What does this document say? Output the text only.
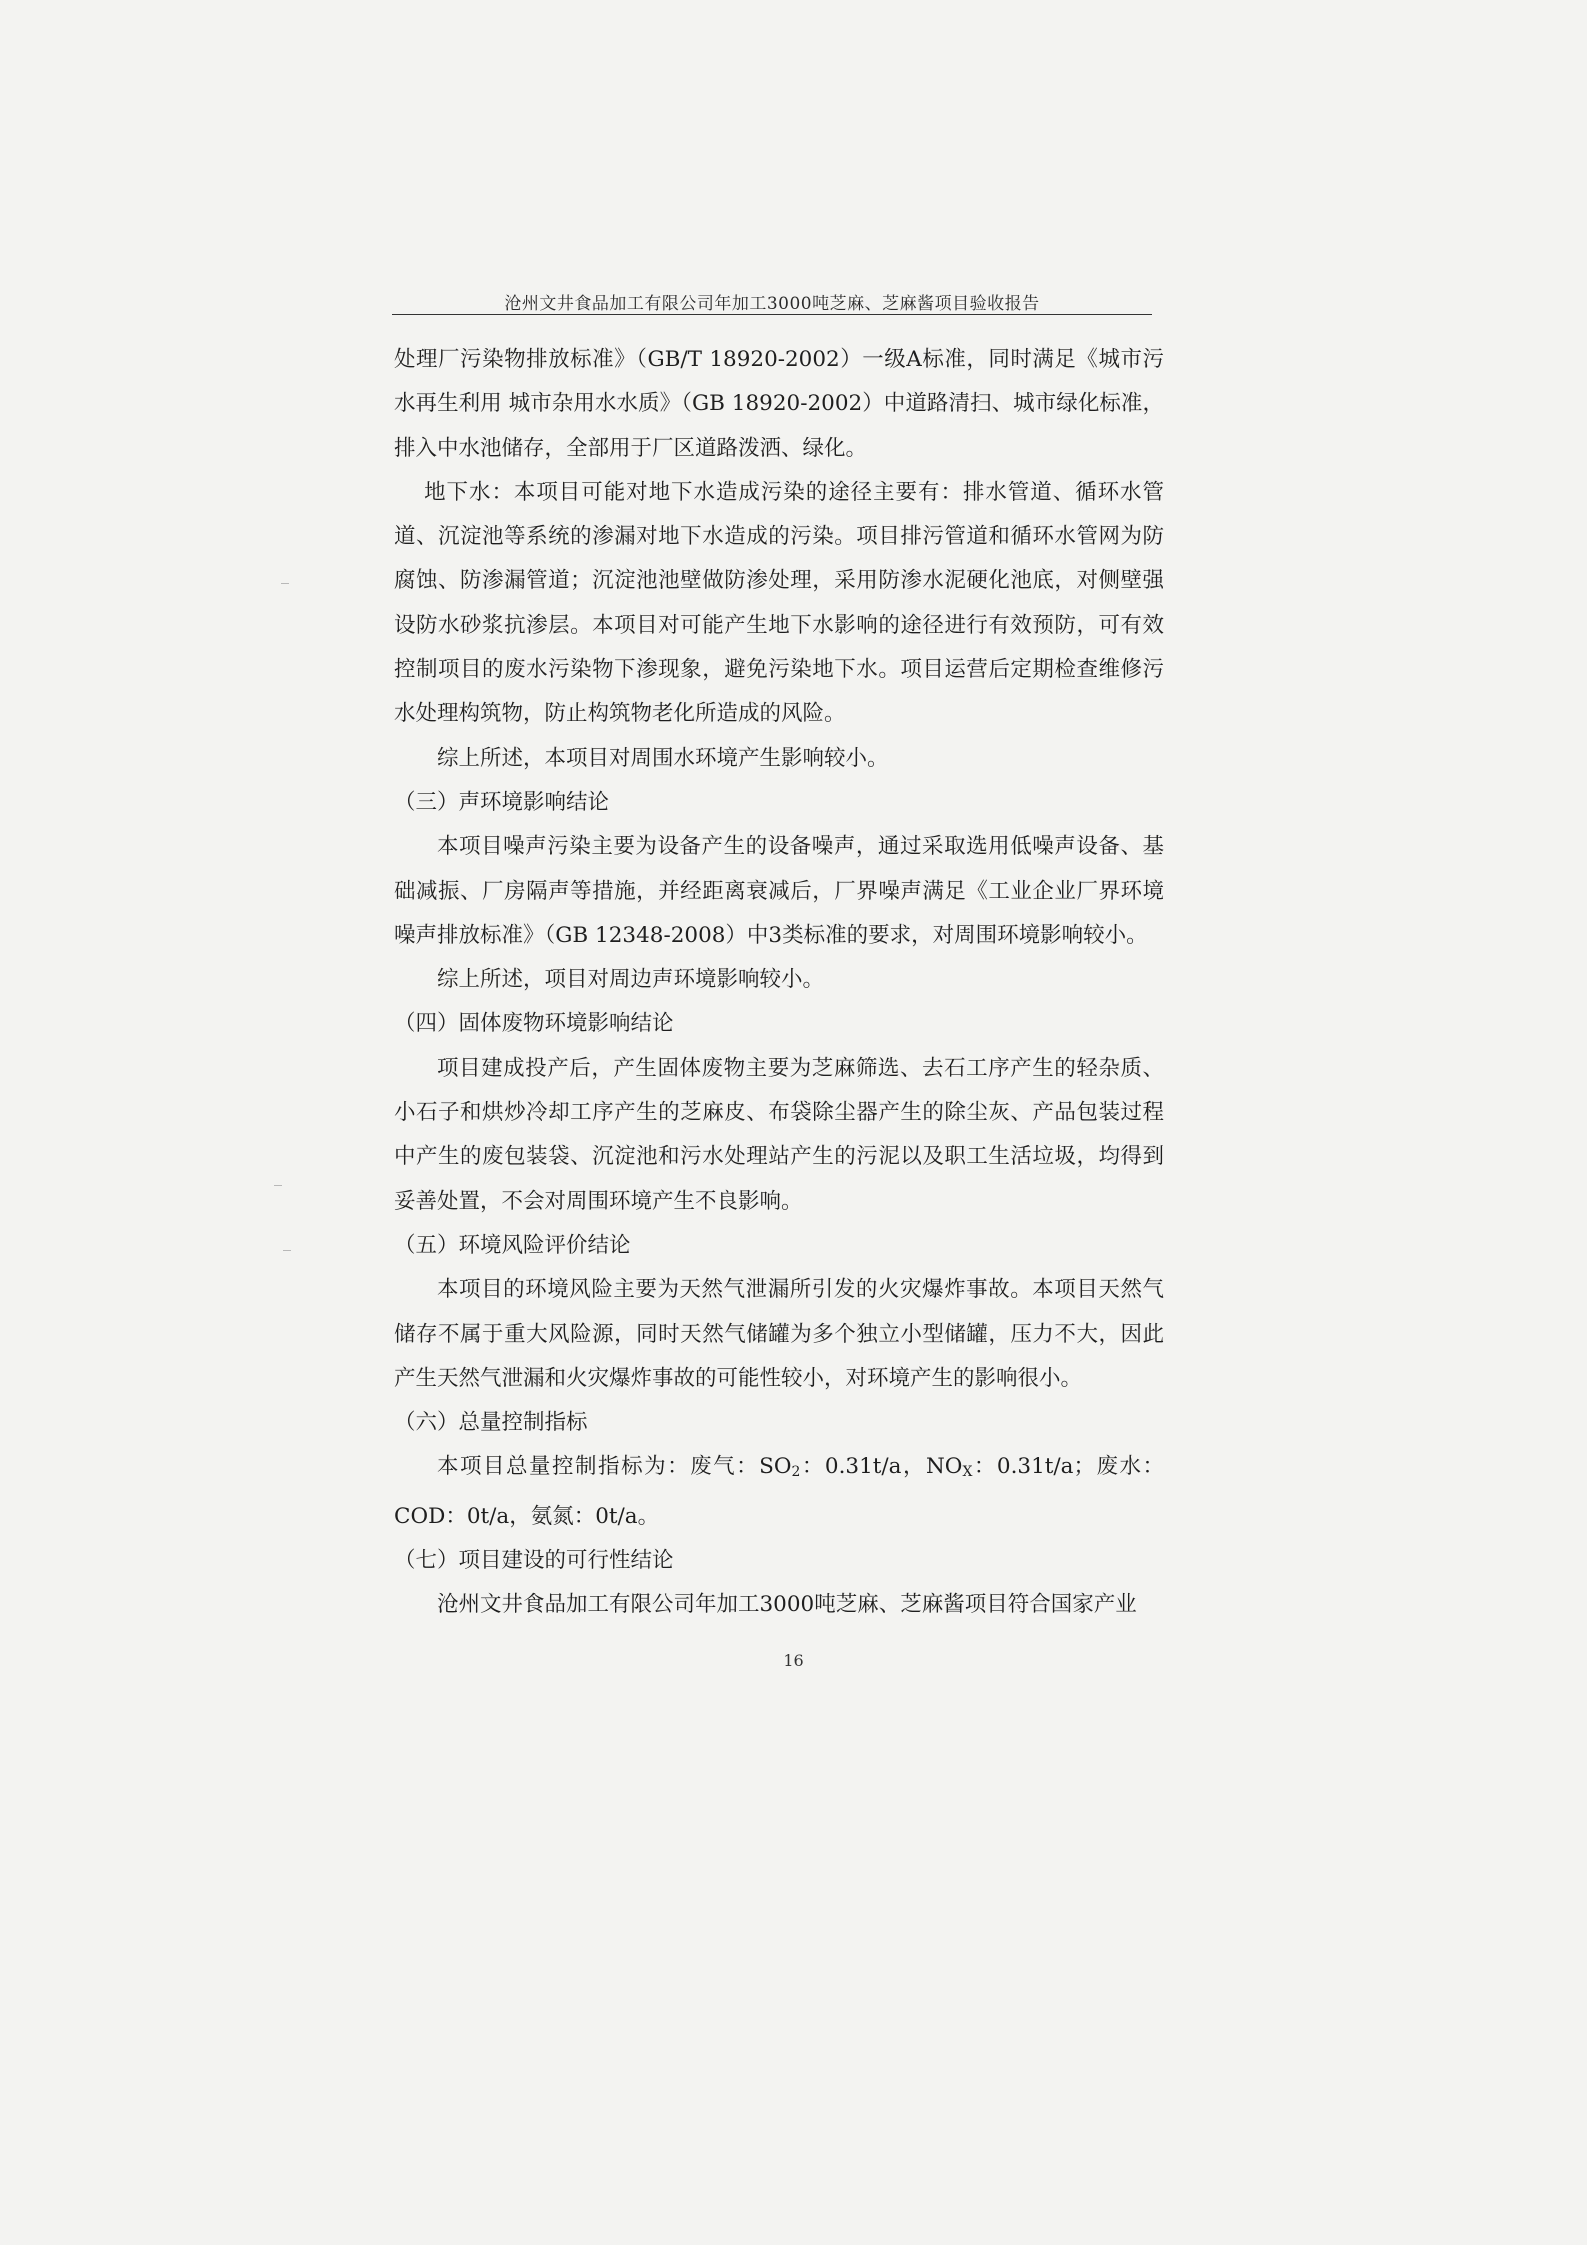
沧州文井食品加工有限公司年加工3000吨芝麻、芝麻酱项目验收报告

处理厂污染物排放标准》（GB/T 18920-2002）一级A标准，同时满足《城市污水再生利用 城市杂用水水质》（GB 18920-2002）中道路清扫、城市绿化标准，排入中水池储存，全部用于厂区道路泼洒、绿化。

地下水：本项目可能对地下水造成污染的途径主要有：排水管道、循环水管道、沉淀池等系统的渗漏对地下水造成的污染。项目排污管道和循环水管网为防腐蚀、防渗漏管道；沉淀池池壁做防渗处理，采用防渗水泥硬化池底，对侧壁强设防水砂浆抗渗层。本项目对可能产生地下水影响的途径进行有效预防，可有效控制项目的废水污染物下渗现象，避免污染地下水。项目运营后定期检查维修污水处理构筑物，防止构筑物老化所造成的风险。

综上所述，本项目对周围水环境产生影响较小。

（三）声环境影响结论

本项目噪声污染主要为设备产生的设备噪声，通过采取选用低噪声设备、基础减振、厂房隔声等措施，并经距离衰减后，厂界噪声满足《工业企业厂界环境噪声排放标准》（GB 12348-2008）中3类标准的要求，对周围环境影响较小。

综上所述，项目对周边声环境影响较小。

（四）固体废物环境影响结论

项目建成投产后，产生固体废物主要为芝麻筛选、去石工序产生的轻杂质、小石子和烘炒冷却工序产生的芝麻皮、布袋除尘器产生的除尘灰、产品包装过程中产生的废包装袋、沉淀池和污水处理站产生的污泥以及职工生活垃圾，均得到妥善处置，不会对周围环境产生不良影响。

（五）环境风险评价结论

本项目的环境风险主要为天然气泄漏所引发的火灾爆炸事故。本项目天然气储存不属于重大风险源，同时天然气储罐为多个独立小型储罐，压力不大，因此产生天然气泄漏和火灾爆炸事故的可能性较小，对环境产生的影响很小。

（六）总量控制指标

本项目总量控制指标为：废气：$SO_2$：0.31t/a，$NO_X$：0.31t/a；废水：COD：0t/a，氨氮：0t/a。

（七）项目建设的可行性结论

沧州文井食品加工有限公司年加工3000吨芝麻、芝麻酱项目符合国家产业

16
